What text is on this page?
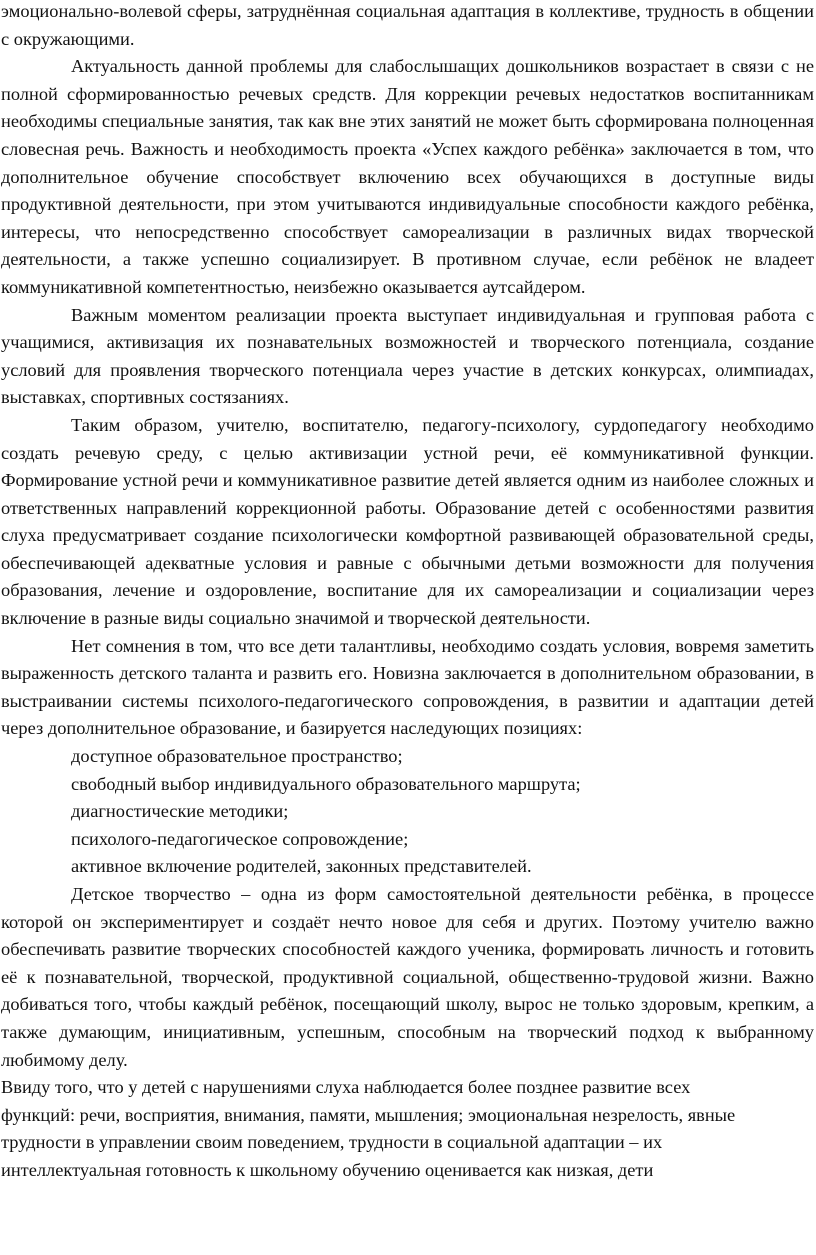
эмоционально-волевой сферы, затруднённая социальная адаптация в коллективе, трудность в общении с окружающими.

Актуальность данной проблемы для слабослышащих дошкольников возрастает в связи с не полной сформированностью речевых средств. Для коррекции речевых недостатков воспитанникам необходимы специальные занятия, так как вне этих занятий не может быть сформирована полноценная словесная речь. Важность и необходимость проекта «Успех каждого ребёнка» заключается в том, что дополнительное обучение способствует включению всех обучающихся в доступные виды продуктивной деятельности, при этом учитываются индивидуальные способности каждого ребёнка, интересы, что непосредственно способствует самореализации в различных видах творческой деятельности, а также успешно социализирует. В противном случае, если ребёнок не владеет коммуникативной компетентностью, неизбежно оказывается аутсайдером.

Важным моментом реализации проекта выступает индивидуальная и групповая работа с учащимися, активизация их познавательных возможностей и творческого потенциала, создание условий для проявления творческого потенциала через участие в детских конкурсах, олимпиадах, выставках, спортивных состязаниях.

Таким образом, учителю, воспитателю, педагогу-психологу, сурдопедагогу необходимо создать речевую среду, с целью активизации устной речи, её коммуникативной функции. Формирование устной речи и коммуникативное развитие детей является одним из наиболее сложных и ответственных направлений коррекционной работы. Образование детей с особенностями развития слуха предусматривает создание психологически комфортной развивающей образовательной среды, обеспечивающей адекватные условия и равные с обычными детьми возможности для получения образования, лечение и оздоровление, воспитание для их самореализации и социализации через включение в разные виды социально значимой и творческой деятельности.

Нет сомнения в том, что все дети талантливы, необходимо создать условия, вовремя заметить выраженность детского таланта и развить его. Новизна заключается в дополнительном образовании, в выстраивании системы психолого-педагогического сопровождения, в развитии и адаптации детей через дополнительное образование, и базируется наследующих позициях:

доступное образовательное пространство;

свободный выбор индивидуального образовательного маршрута;

диагностические методики;

психолого-педагогическое сопровождение;

активное включение родителей, законных представителей.

Детское творчество – одна из форм самостоятельной деятельности ребёнка, в процессе которой он экспериментирует и создаёт нечто новое для себя и других. Поэтому учителю важно обеспечивать развитие творческих способностей каждого ученика, формировать личность и готовить её к познавательной, творческой, продуктивной социальной, общественно-трудовой жизни. Важно добиваться того, чтобы каждый ребёнок, посещающий школу, вырос не только здоровым, крепким, а также думающим, инициативным, успешным, способным на творческий подход к выбранному любимому делу.

Ввиду того, что у детей с нарушениями слуха наблюдается более позднее развитие всех

функций: речи, восприятия, внимания, памяти, мышления; эмоциональная незрелость, явные

трудности в управлении своим поведением, трудности в социальной адаптации – их

интеллектуальная готовность к школьному обучению оценивается как низкая, дети
